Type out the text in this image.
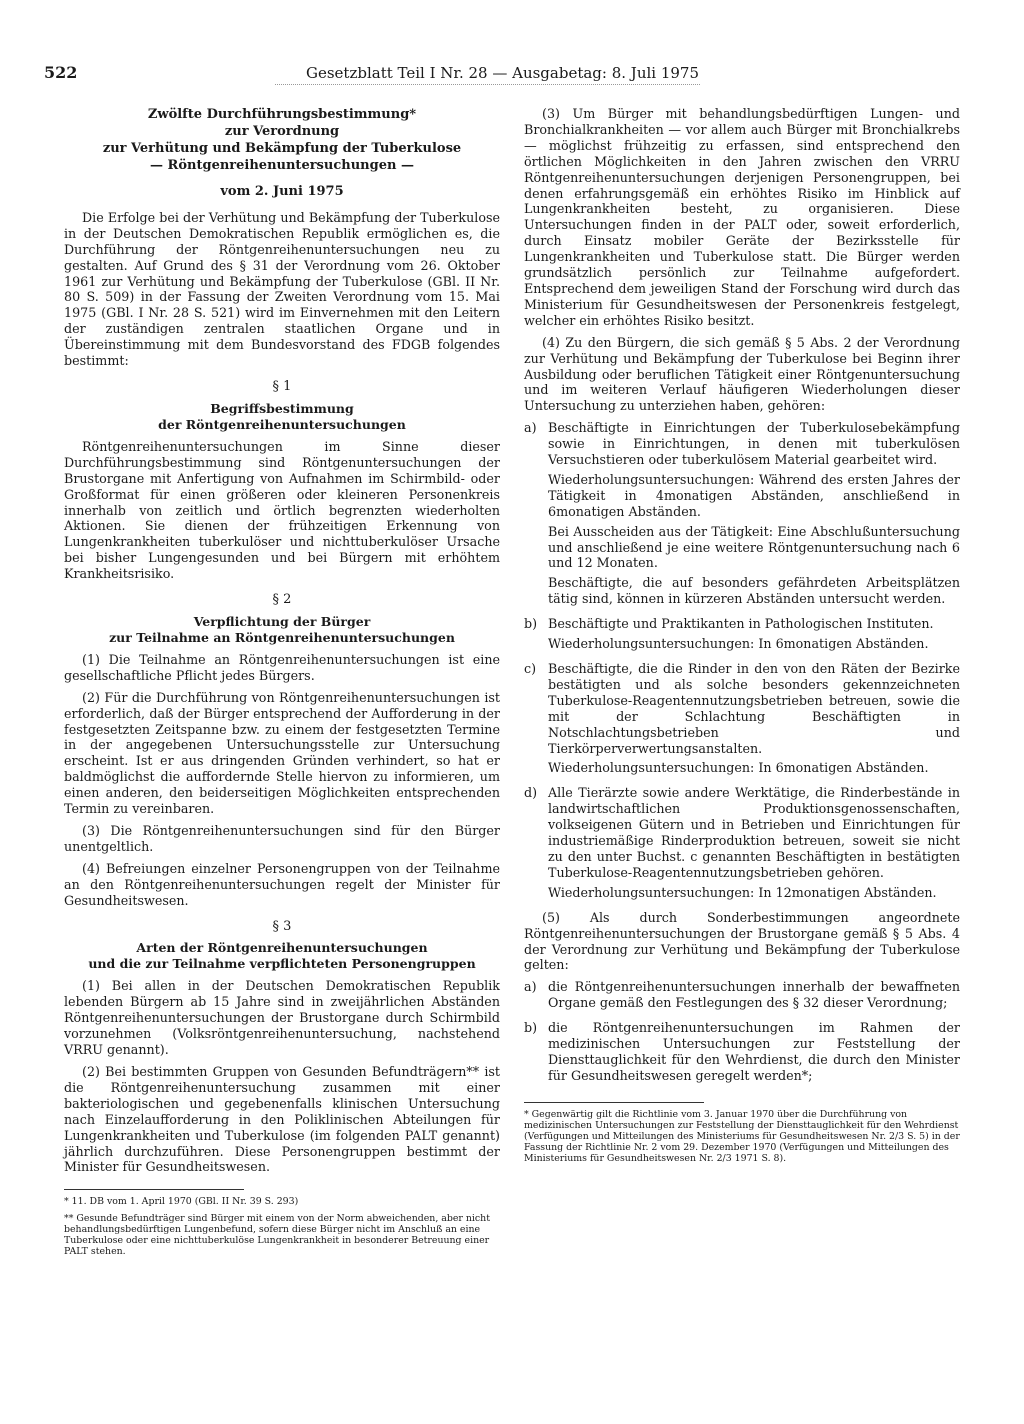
522	Gesetzblatt Teil I Nr. 28 — Ausgabetag: 8. Juli 1975
Zwölfte Durchführungsbestimmung*
zur Verordnung
zur Verhütung und Bekämpfung der Tuberkulose
— Röntgenreihenuntersuchungen —
vom 2. Juni 1975

Die Erfolge bei der Verhütung und Bekämpfung der Tuberkulose in der Deutschen Demokratischen Republik ermöglichen es, die Durchführung der Röntgenreihenuntersuchungen neu zu gestalten. Auf Grund des § 31 der Verordnung vom 26. Oktober 1961 zur Verhütung und Bekämpfung der Tuberkulose (GBl. II Nr. 80 S. 509) in der Fassung der Zweiten Verordnung vom 15. Mai 1975 (GBl. I Nr. 28 S. 521) wird im Einvernehmen mit den Leitern der zuständigen zentralen staatlichen Organe und in Übereinstimmung mit dem Bundesvorstand des FDGB folgendes bestimmt:

§ 1
Begriffsbestimmung
der Röntgenreihenuntersuchungen

Röntgenreihenuntersuchungen im Sinne dieser Durchführungsbestimmung sind Röntgenuntersuchungen der Brustorgane mit Anfertigung von Aufnahmen im Schirmbild- oder Großformat für einen größeren oder kleineren Personenkreis innerhalb von zeitlich und örtlich begrenzten wiederholten Aktionen. Sie dienen der frühzeitigen Erkennung von Lungenkrankheiten tuberkulöser und nichttuberkulöser Ursache bei bisher Lungengesunden und bei Bürgern mit erhöhtem Krankheitsrisiko.

§ 2
Verpflichtung der Bürger
zur Teilnahme an Röntgenreihenuntersuchungen

(1) Die Teilnahme an Röntgenreihenuntersuchungen ist eine gesellschaftliche Pflicht jedes Bürgers.

(2) Für die Durchführung von Röntgenreihenuntersuchungen ist erforderlich, daß der Bürger entsprechend der Aufforderung in der festgesetzten Zeitspanne bzw. zu einem der festgesetzten Termine in der angegebenen Untersuchungsstelle zur Untersuchung erscheint. Ist er aus dringenden Gründen verhindert, so hat er baldmöglichst die auffordernde Stelle hiervon zu informieren, um einen anderen, den beiderseitigen Möglichkeiten entsprechenden Termin zu vereinbaren.

(3) Die Röntgenreihenuntersuchungen sind für den Bürger unentgeltlich.

(4) Befreiungen einzelner Personengruppen von der Teilnahme an den Röntgenreihenuntersuchungen regelt der Minister für Gesundheitswesen.

§ 3
Arten der Röntgenreihenuntersuchungen
und die zur Teilnahme verpflichteten Personengruppen

(1) Bei allen in der Deutschen Demokratischen Republik lebenden Bürgern ab 15 Jahre sind in zweijährlichen Abständen Röntgenreihenuntersuchungen der Brustorgane durch Schirmbild vorzunehmen (Volksröntgenreihenuntersuchung, nachstehend VRRU genannt).

(2) Bei bestimmten Gruppen von Gesunden Befundträgern** ist die Röntgenreihenuntersuchung zusammen mit einer bakteriologischen und gegebenenfalls klinischen Untersuchung nach Einzelaufforderung in den Poliklinischen Abteilungen für Lungenkrankheiten und Tuberkulose (im folgenden PALT genannt) jährlich durchzuführen. Diese Personengruppen bestimmt der Minister für Gesundheitswesen.

* 11. DB vom 1. April 1970 (GBl. II Nr. 39 S. 293)

** Gesunde Befundträger sind Bürger mit einem von der Norm abweichenden, aber nicht behandlungsbedürftigen Lungenbefund, sofern diese Bürger nicht im Anschluß an eine Tuberkulose oder eine nichttuberkulöse Lungenkrankheit in besonderer Betreuung einer PALT stehen.

(3) Um Bürger mit behandlungsbedürftigen Lungen- und Bronchialkrankheiten — vor allem auch Bürger mit Bronchialkrebs — möglichst frühzeitig zu erfassen, sind entsprechend den örtlichen Möglichkeiten in den Jahren zwischen den VRRU Röntgenreihenuntersuchungen derjenigen Personengruppen, bei denen erfahrungsgemäß ein erhöhtes Risiko im Hinblick auf Lungenkrankheiten besteht, zu organisieren. Diese Untersuchungen finden in der PALT oder, soweit erforderlich, durch Einsatz mobiler Geräte der Bezirksstelle für Lungenkrankheiten und Tuberkulose statt. Die Bürger werden grundsätzlich persönlich zur Teilnahme aufgefordert. Entsprechend dem jeweiligen Stand der Forschung wird durch das Ministerium für Gesundheitswesen der Personenkreis festgelegt, welcher ein erhöhtes Risiko besitzt.

(4) Zu den Bürgern, die sich gemäß § 5 Abs. 2 der Verordnung zur Verhütung und Bekämpfung der Tuberkulose bei Beginn ihrer Ausbildung oder beruflichen Tätigkeit einer Röntgenuntersuchung und im weiteren Verlauf häufigeren Wiederholungen dieser Untersuchung zu unterziehen haben, gehören:

a) Beschäftigte in Einrichtungen der Tuberkulosebekämpfung sowie in Einrichtungen, in denen mit tuberkulösen Versuchstieren oder tuberkulösem Material gearbeitet wird.

Wiederholungsuntersuchungen: Während des ersten Jahres der Tätigkeit in 4monatigen Abständen, anschließend in 6monatigen Abständen.

Bei Ausscheiden aus der Tätigkeit: Eine Abschlußuntersuchung und anschließend je eine weitere Röntgenuntersuchung nach 6 und 12 Monaten.

Beschäftigte, die auf besonders gefährdeten Arbeitsplätzen tätig sind, können in kürzeren Abständen untersucht werden.

b) Beschäftigte und Praktikanten in Pathologischen Instituten.

Wiederholungsuntersuchungen: In 6monatigen Abständen.

c) Beschäftigte, die die Rinder in den von den Räten der Bezirke bestätigten und als solche besonders gekennzeichneten Tuberkulose-Reagentennutzungsbetrieben betreuen, sowie die mit der Schlachtung Beschäftigten in Notschlachtungsbetrieben und Tierkörperverwertungsanstalten.

Wiederholungsuntersuchungen: In 6monatigen Abständen.

d) Alle Tierärzte sowie andere Werktätige, die Rinderbestände in landwirtschaftlichen Produktionsgenossenschaften, volkseigenen Gütern und in Betrieben und Einrichtungen für industriemäßige Rinderproduktion betreuen, soweit sie nicht zu den unter Buchst. c genannten Beschäftigten in bestätigten Tuberkulose-Reagentennutzungsbetrieben gehören.

Wiederholungsuntersuchungen: In 12monatigen Abständen.

(5) Als durch Sonderbestimmungen angeordnete Röntgenreihenuntersuchungen der Brustorgane gemäß § 5 Abs. 4 der Verordnung zur Verhütung und Bekämpfung der Tuberkulose gelten:

a) die Röntgenreihenuntersuchungen innerhalb der bewaffneten Organe gemäß den Festlegungen des § 32 dieser Verordnung;

b) die Röntgenreihenuntersuchungen im Rahmen der medizinischen Untersuchungen zur Feststellung der Diensttauglichkeit für den Wehrdienst, die durch den Minister für Gesundheitswesen geregelt werden*;

* Gegenwärtig gilt die Richtlinie vom 3. Januar 1970 über die Durchführung von medizinischen Untersuchungen zur Feststellung der Diensttauglichkeit für den Wehrdienst (Verfügungen und Mitteilungen des Ministeriums für Gesundheitswesen Nr. 2/3 S. 5) in der Fassung der Richtlinie Nr. 2 vom 29. Dezember 1970 (Verfügungen und Mitteilungen des Ministeriums für Gesundheitswesen Nr. 2/3 1971 S. 8).
